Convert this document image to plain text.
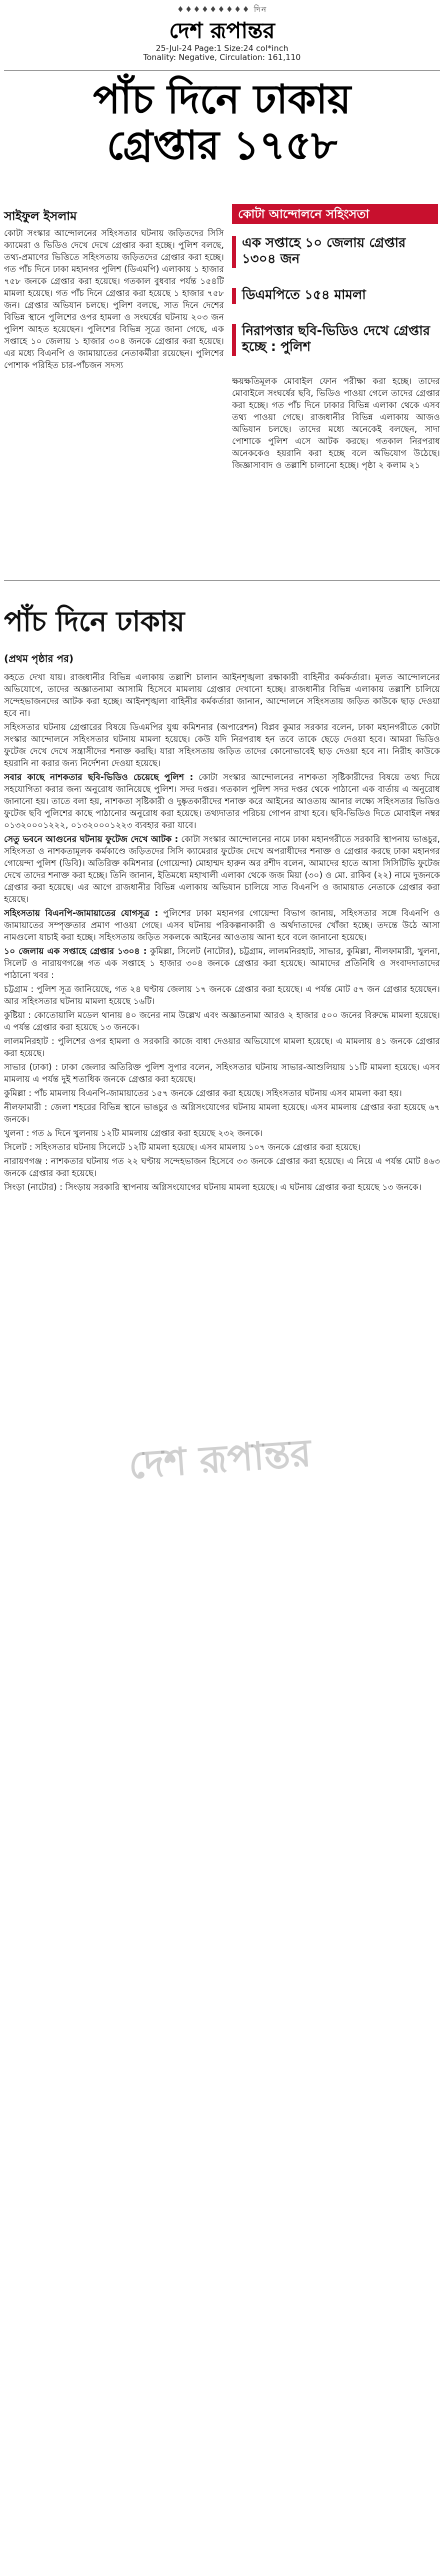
♦♦♦♦♦♦♦♦♦ দিন
দেশ রূপান্তর
25-Jul-24 Page:1 Size:24 col*inch
Tonality: Negative, Circulation: 161,110
পাঁচ দিনে ঢাকায়
গ্রেপ্তার ১৭৫৮
সাইফুল ইসলাম	কোটা আন্দোলনে সহিংসতা
এক সপ্তাহে ১০ জেলায় গ্রেপ্তার ১৩০৪ জন
ডিএমপিতে ১৫৪ মামলা
নিরাপত্তার ছবি-ভিডিও দেখে গ্রেপ্তার হচ্ছে : পুলিশ
কোটা সংস্কার আন্দোলনের সহিংসতার ঘটনায় জড়িতদের সিসি ক্যামেরা ও ভিডিও দেখে দেখে গ্রেপ্তার করা হচ্ছে। পুলিশ বলছে, তথ্য-প্রমাণের ভিত্তিতে সহিংসতায় জড়িতদের গ্রেপ্তার করা হচ্ছে। গত পাঁচ দিনে ঢাকা মহানগর পুলিশ (ডিএমপি) এলাকায় ১ হাজার ৭৫৮ জনকে গ্রেপ্তার করা হয়েছে। গতকাল বুধবার পর্যন্ত ১৫৪টি মামলা হয়েছে। গত পাঁচ দিনে গ্রেপ্তার করা হয়েছে ১ হাজার ৭৫৮ জন। গ্রেপ্তার অভিযান চলছে। পুলিশ বলছে, সাত দিনে দেশের বিভিন্ন স্থানে পুলিশের ওপর হামলা ও সংঘর্ষের ঘটনায় ২০৩ জন পুলিশ আহত হয়েছেন। পুলিশের বিভিন্ন সূত্রে জানা গেছে, এক সপ্তাহে ১০ জেলায় ১ হাজার ৩০৪ জনকে গ্রেপ্তার করা হয়েছে। এর মধ্যে বিএনপি ও জামায়াতের নেতাকর্মীরা রয়েছেন। পুলিশের পোশাক পরিহিত চার-পাঁচজন সদস্য
ক্ষয়ক্ষতিমূলক মোবাইল ফোন পরীক্ষা করা হচ্ছে। তাদের মোবাইলে সংঘর্ষের ছবি, ভিডিও পাওয়া গেলে তাদের গ্রেপ্তার করা হচ্ছে। গত পাঁচ দিনে ঢাকার বিভিন্ন এলাকা থেকে এসব তথ্য পাওয়া গেছে। রাজধানীর বিভিন্ন এলাকায় আজও অভিযান চলছে। তাদের মধ্যে অনেকেই বলছেন, সাদা পোশাকে পুলিশ এসে আটক করছে। গতকাল নিরপরাধ অনেককেও হয়রানি করা হচ্ছে বলে অভিযোগ উঠেছে। জিজ্ঞাসাবাদ ও তল্লাশি চালানো হচ্ছে। পৃষ্ঠা ২ কলাম ২১
পাঁচ দিনে ঢাকায়
(প্রথম পৃষ্ঠার পর)

কহতে দেখা যায়। রাজধানীর বিভিন্ন এলাকায় তল্লাশি চালান আইনশৃঙ্খলা রক্ষাকারী বাহিনীর কর্মকর্তারা। মূলত আন্দোলনের অভিযোগে, তাদের অজ্ঞাতনামা আসামি হিসেবে মামলায় গ্রেপ্তার দেখানো হচ্ছে। রাজধানীর বিভিন্ন এলাকায় তল্লাশি চালিয়ে সন্দেহভাজনদের আটক করা হচ্ছে। আইনশৃঙ্খলা বাহিনীর কর্মকর্তারা জানান, আন্দোলনে সহিংসতায় জড়িত কাউকে ছাড় দেওয়া হবে না।

সহিংসতার ঘটনায় গ্রেপ্তারের বিষয়ে ডিএমপির যুগ্ম কমিশনার (অপারেশন) বিপ্লব কুমার সরকার বলেন, ঢাকা মহানগরীতে কোটা সংস্কার আন্দোলনে সহিংসতার ঘটনায় মামলা হয়েছে। কেউ যদি নিরপরাধ হন তবে তাকে ছেড়ে দেওয়া হবে। আমরা ভিডিও ফুটেজ দেখে দেখে সন্ত্রাসীদের শনাক্ত করছি। যারা সহিংসতায় জড়িত তাদের কোনোভাবেই ছাড় দেওয়া হবে না। নিরীহ কাউকে হয়রানি না করার জন্য নির্দেশনা দেওয়া হয়েছে।

সবার কাছে নাশকতার ছবি-ভিডিও চেয়েছে পুলিশ : কোটা সংস্কার আন্দোলনের নাশকতা সৃষ্টিকারীদের বিষয়ে তথ্য দিয়ে সহযোগিতা করার জন্য অনুরোধ জানিয়েছে পুলিশ। সদর দপ্তর। গতকাল পুলিশ সদর দপ্তর থেকে পাঠানো এক বার্তায় এ অনুরোধ জানানো হয়। তাতে বলা হয়, নাশকতা সৃষ্টিকারী ও দুষ্কৃতকারীদের শনাক্ত করে আইনের আওতায় আনার লক্ষ্যে সহিংসতার ভিডিও ফুটেজ ছবি পুলিশের কাছে পাঠানোর অনুরোধ করা হয়েছে। তথ্যদাতার পরিচয় গোপন রাখা হবে। ছবি-ভিডিও দিতে মোবাইল নম্বর ০১৩২০০০১২২২, ০১৩২০০০১২২৩ ব্যবহার করা যাবে।

সেতু ভবনে আগুনের ঘটনায় ফুটেজ দেখে আটক : কোটা সংস্কার আন্দোলনের নামে ঢাকা মহানগরীতে সরকারি স্থাপনায় ভাঙচুর, সহিংসতা ও নাশকতামূলক কর্মকাণ্ডে জড়িতদের সিসি ক্যামেরার ফুটেজ দেখে অপরাধীদের শনাক্ত ও গ্রেপ্তার করছে ঢাকা মহানগর গোয়েন্দা পুলিশ (ডিবি)। অতিরিক্ত কমিশনার (গোয়েন্দা) মোহাম্মদ হারুন অর রশীদ বলেন, আমাদের হাতে আসা সিসিটিভি ফুটেজ দেখে তাদের শনাক্ত করা হচ্ছে। তিনি জানান, ইতিমধ্যে মহাখালী এলাকা থেকে জজ মিয়া (৩০) ও মো. রাকিব (২২) নামে দুজনকে গ্রেপ্তার করা হয়েছে। এর আগে রাজধানীর বিভিন্ন এলাকায় অভিযান চালিয়ে সাত বিএনপি ও জামায়াত নেতাকে গ্রেপ্তার করা হয়েছে।

সহিংসতায় বিএনপি-জামায়াতের যোগসূত্র : পুলিশের ঢাকা মহানগর গোয়েন্দা বিভাগ জানায়, সহিংসতার সঙ্গে বিএনপি ও জামায়াতের সম্পৃক্ততার প্রমাণ পাওয়া গেছে। এসব ঘটনায় পরিকল্পনাকারী ও অর্থদাতাদের খোঁজা হচ্ছে। তদন্তে উঠে আসা নামগুলো যাচাই করা হচ্ছে। সহিংসতায় জড়িত সকলকে আইনের আওতায় আনা হবে বলে জানানো হয়েছে।

১০ জেলায় এক সপ্তাহে গ্রেপ্তার ১৩০৪ : কুমিল্লা, সিলেট (নাটোর), চট্টগ্রাম, লালমনিরহাট, সাভার, কুমিল্লা, নীলফামারী, খুলনা, সিলেট ও নারায়ণগঞ্জে গত এক সপ্তাহে ১ হাজার ৩০৪ জনকে গ্রেপ্তার করা হয়েছে। আমাদের প্রতিনিধি ও সংবাদদাতাদের পাঠানো খবর :

চট্টগ্রাম : পুলিশ সূত্র জানিয়েছে, গত ২৪ ঘণ্টায় জেলায় ১৭ জনকে গ্রেপ্তার করা হয়েছে। এ পর্যন্ত মোট ৫৭ জন গ্রেপ্তার হয়েছেন। আর সহিংসতার ঘটনায় মামলা হয়েছে ১৬টি।

কুষ্টিয়া : কোতোয়ালি মডেল থানায় ৪০ জনের নাম উল্লেখ এবং অজ্ঞাতনামা আরও ২ হাজার ৫০০ জনের বিরুদ্ধে মামলা হয়েছে। এ পর্যন্ত গ্রেপ্তার করা হয়েছে ১৩ জনকে।

লালমনিরহাট : পুলিশের ওপর হামলা ও সরকারি কাজে বাধা দেওয়ার অভিযোগে মামলা হয়েছে। এ মামলায় ৪১ জনকে গ্রেপ্তার করা হয়েছে।

সাভার (ঢাকা) : ঢাকা জেলার অতিরিক্ত পুলিশ সুপার বলেন, সহিংসতার ঘটনায় সাভার-আশুলিয়ায় ১১টি মামলা হয়েছে। এসব মামলায় এ পর্যন্ত দুই শতাধিক জনকে গ্রেপ্তার করা হয়েছে।

কুমিল্লা : পাঁচ মামলায় বিএনপি-জামায়াতের ১৫৭ জনকে গ্রেপ্তার করা হয়েছে। সহিংসতার ঘটনায় এসব মামলা করা হয়।

নীলফামারী : জেলা শহরের বিভিন্ন স্থানে ভাঙচুর ও অগ্নিসংযোগের ঘটনায় মামলা হয়েছে। এসব মামলায় গ্রেপ্তার করা হয়েছে ৬৭ জনকে।

খুলনা : গত ৯ দিনে খুলনায় ১২টি মামলায় গ্রেপ্তার করা হয়েছে ২৩২ জনকে।

সিলেট : সহিংসতার ঘটনায় সিলেটে ১২টি মামলা হয়েছে। এসব মামলায় ১০৭ জনকে গ্রেপ্তার করা হয়েছে।

নারায়ণগঞ্জ : নাশকতার ঘটনায় গত ২২ ঘণ্টায় সন্দেহভাজন হিসেবে ৩৩ জনকে গ্রেপ্তার করা হয়েছে। এ নিয়ে এ পর্যন্ত মোট ৪৬৩ জনকে গ্রেপ্তার করা হয়েছে।

সিংড়া (নাটোর) : সিংড়ায় সরকারি স্থাপনায় অগ্নিসংযোগের ঘটনায় মামলা হয়েছে। এ ঘটনায় গ্রেপ্তার করা হয়েছে ১৩ জনকে।

দেশ রূপান্তর
